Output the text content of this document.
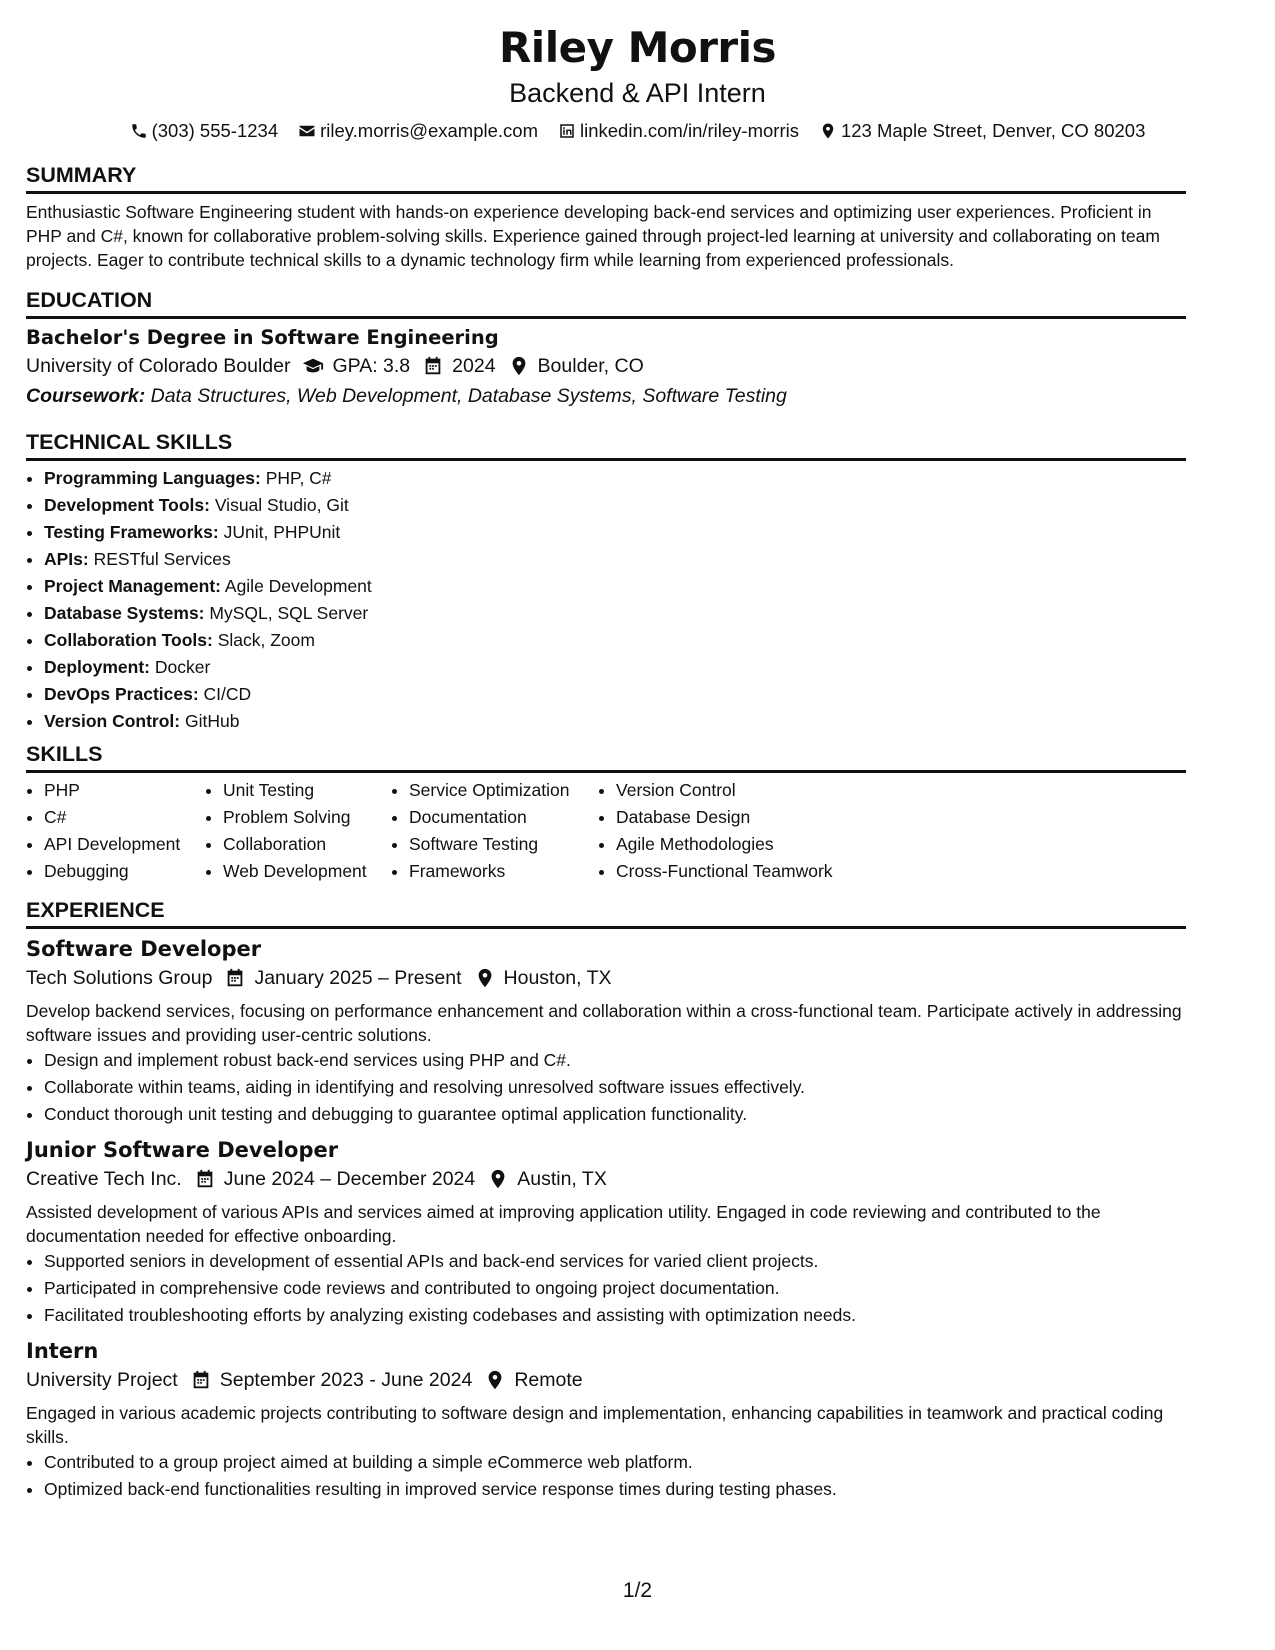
Riley Morris
Backend & API Intern
(303) 555-1234 riley.morris@example.com linkedin.com/in/riley-morris 123 Maple Street, Denver, CO 80203
SUMMARY

Enthusiastic Software Engineering student with hands-on experience developing back-end services and optimizing user experiences. Proficient in PHP and C#, known for collaborative problem-solving skills. Experience gained through project-led learning at university and collaborating on team projects. Eager to contribute technical skills to a dynamic technology firm while learning from experienced professionals.

EDUCATION
Bachelor's Degree in Software Engineering
University of Colorado Boulder GPA: 3.8 2024 Boulder, CO
Coursework: Data Structures, Web Development, Database Systems, Software Testing
TECHNICAL SKILLS
• Programming Languages: PHP, C#
• Development Tools: Visual Studio, Git
• Testing Frameworks: JUnit, PHPUnit
• APIs: RESTful Services
• Project Management: Agile Development
• Database Systems: MySQL, SQL Server
• Collaboration Tools: Slack, Zoom
• Deployment: Docker
• DevOps Practices: CI/CD
• Version Control: GitHub
SKILLS
• PHP
• C#
• API Development
• Debugging
• Unit Testing
• Problem Solving
• Collaboration
• Web Development
• Service Optimization
• Documentation
• Software Testing
• Frameworks
• Version Control
• Database Design
• Agile Methodologies
• Cross-Functional Teamwork
EXPERIENCE
Software Developer
Tech Solutions Group January 2025 – Present Houston, TX

Develop backend services, focusing on performance enhancement and collaboration within a cross-functional team. Participate actively in addressing software issues and providing user-centric solutions.

• Design and implement robust back-end services using PHP and C#.
• Collaborate within teams, aiding in identifying and resolving unresolved software issues effectively.
• Conduct thorough unit testing and debugging to guarantee optimal application functionality.
Junior Software Developer
Creative Tech Inc. June 2024 – December 2024 Austin, TX

Assisted development of various APIs and services aimed at improving application utility. Engaged in code reviewing and contributed to the documentation needed for effective onboarding.

• Supported seniors in development of essential APIs and back-end services for varied client projects.
• Participated in comprehensive code reviews and contributed to ongoing project documentation.
• Facilitated troubleshooting efforts by analyzing existing codebases and assisting with optimization needs.
Intern
University Project September 2023 - June 2024 Remote

Engaged in various academic projects contributing to software design and implementation, enhancing capabilities in teamwork and practical coding skills.

• Contributed to a group project aimed at building a simple eCommerce web platform.
• Optimized back-end functionalities resulting in improved service response times during testing phases.
1/2
